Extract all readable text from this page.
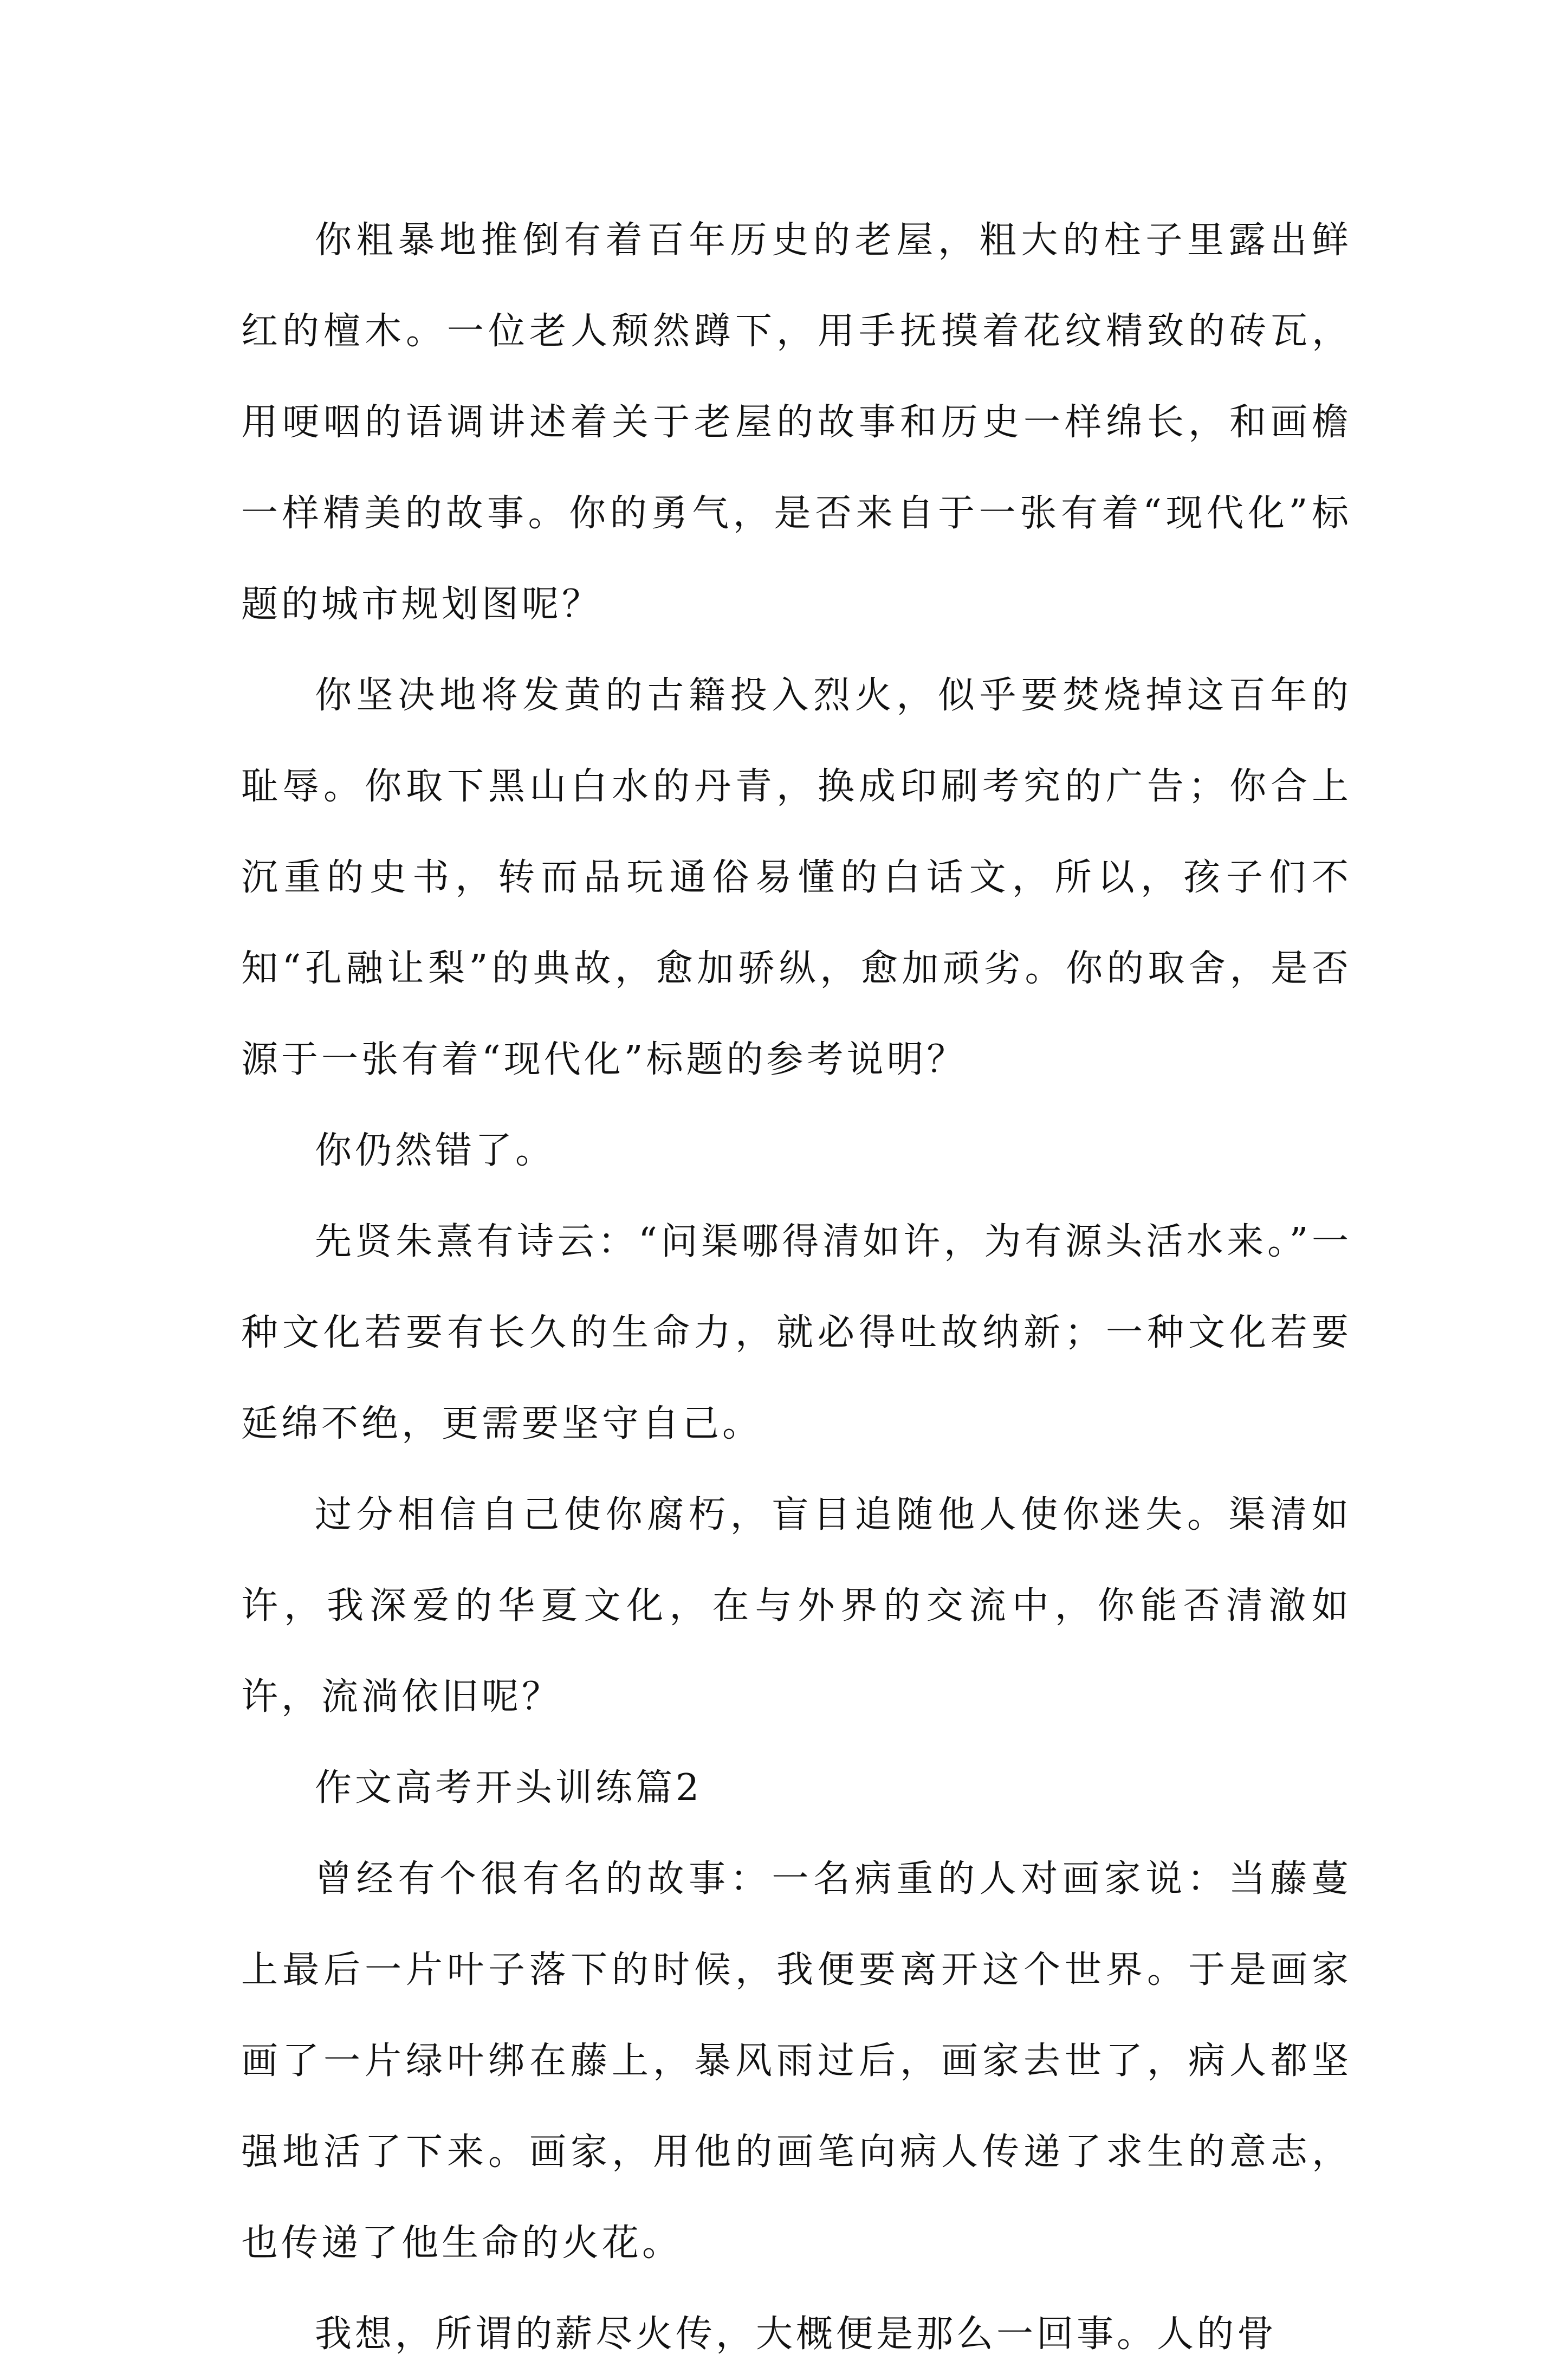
你粗暴地推倒有着百年历史的老屋，粗大的柱子里露出鲜红的檀木。一位老人颓然蹲下，用手抚摸着花纹精致的砖瓦，用哽咽的语调讲述着关于老屋的故事和历史一样绵长，和画檐一样精美的故事。你的勇气，是否来自于一张有着“现代化”标题的城市规划图呢？

你坚决地将发黄的古籍投入烈火，似乎要焚烧掉这百年的耻辱。你取下黑山白水的丹青，换成印刷考究的广告；你合上沉重的史书，转而品玩通俗易懂的白话文，所以，孩子们不知“孔融让梨”的典故，愈加骄纵，愈加顽劣。你的取舍，是否源于一张有着“现代化”标题的参考说明？

你仍然错了。

先贤朱熹有诗云：“问渠哪得清如许，为有源头活水来。”一种文化若要有长久的生命力，就必得吐故纳新；一种文化若要延绵不绝，更需要坚守自己。

过分相信自己使你腐朽，盲目追随他人使你迷失。渠清如许，我深爱的华夏文化，在与外界的交流中，你能否清澈如许，流淌依旧呢？

作文高考开头训练篇2

曾经有个很有名的故事：一名病重的人对画家说：当藤蔓上最后一片叶子落下的时候，我便要离开这个世界。于是画家画了一片绿叶绑在藤上，暴风雨过后，画家去世了，病人都坚强地活了下来。画家，用他的画笔向病人传递了求生的意志，也传递了他生命的火花。

我想，所谓的薪尽火传，大概便是那么一回事。人的骨
